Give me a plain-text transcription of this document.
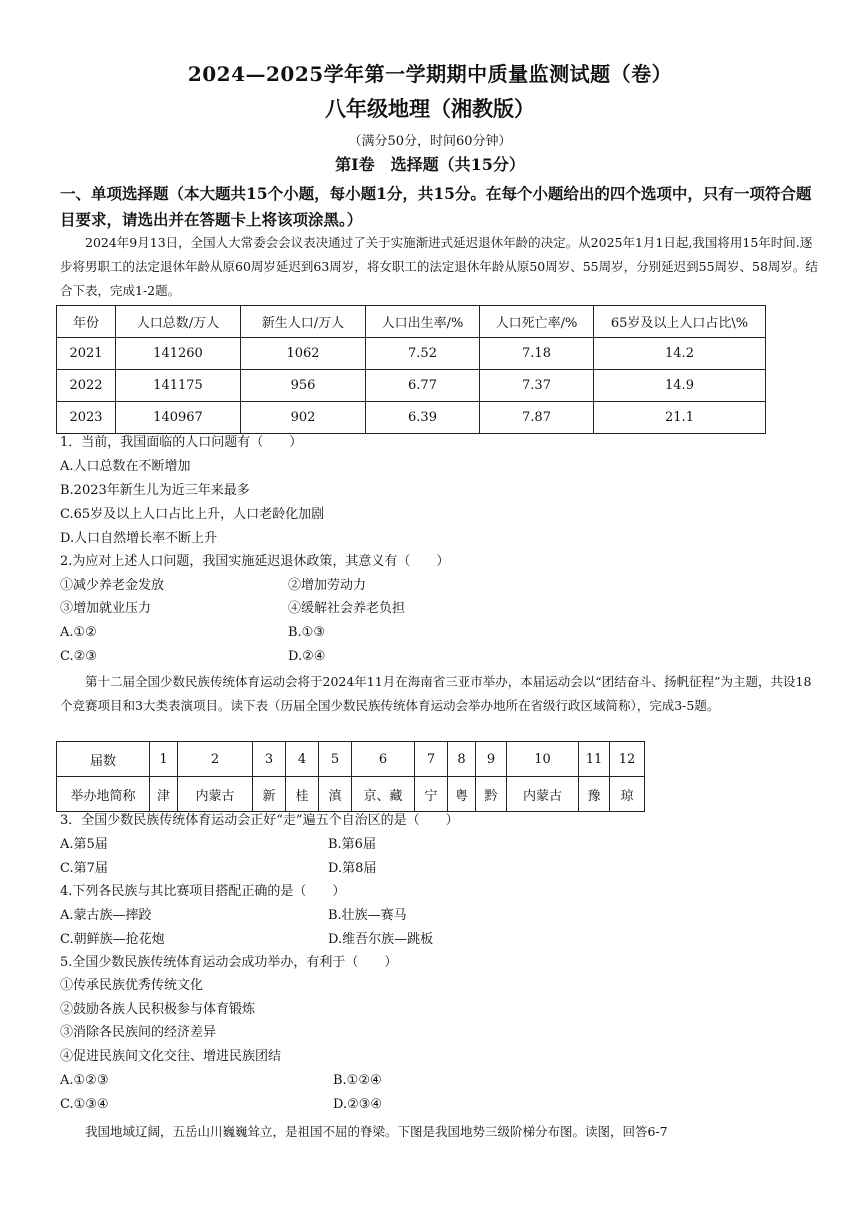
2024—2025学年第一学期期中质量监测试题（卷）
八年级地理（湘教版）
（满分50分，时间60分钟）
第Ⅰ卷　选择题（共15分）
一、单项选择题（本大题共15个小题，每小题1分，共15分。在每个小题给出的四个选项中，只有一项符合题目要求，请选出并在答题卡上将该项涂黑。）
2024年9月13日，全国人大常委会会议表决通过了关于实施渐进式延迟退休年龄的决定。从2025年1月1日起,我国将用15年时间.逐步将男职工的法定退休年龄从原60周岁延迟到63周岁，将女职工的法定退休年龄从原50周岁、55周岁，分别延迟到55周岁、58周岁。结合下表，完成1-2题。
年份	人口总数/万人	新生人口/万人	人口出生率/%	人口死亡率/%	65岁及以上人口占比\%
2021	141260	1062	7.52	7.18	14.2
2022	141175	956	6.77	7.37	14.9
2023	140967	902	6.39	7.87	21.1
1．当前，我国面临的人口问题有（　　）
A.人口总数在不断增加
B.2023年新生儿为近三年来最多
C.65岁及以上人口占比上升，人口老龄化加剧
D.人口自然增长率不断上升
2.为应对上述人口问题，我国实施延迟退休政策，其意义有（　　）
①减少养老金发放	②增加劳动力
③增加就业压力	④缓解社会养老负担
A.①②	B.①③
C.②③	D.②④
第十二届全国少数民族传统体育运动会将于2024年11月在海南省三亚市举办，本届运动会以“团结奋斗、扬帆征程”为主题，共设18个竞赛项目和3大类表演项目。读下表（历届全国少数民族传统体育运动会举办地所在省级行政区域简称），完成3-5题。
届数	1	2	3	4	5	6	7	8	9	10	11	12
举办地简称	津	内蒙古	新	桂	滇	京、藏	宁	粤	黔	内蒙古	豫	琼
3．全国少数民族传统体育运动会正好“走”遍五个自治区的是（　　）
A.第5届	B.第6届
C.第7届	D.第8届
4.下列各民族与其比赛项目搭配正确的是（　　）
A.蒙古族—摔跤	B.壮族—赛马
C.朝鲜族—抢花炮	D.维吾尔族—跳板
5.全国少数民族传统体育运动会成功举办，有利于（　　）
①传承民族优秀传统文化
②鼓励各族人民积极参与体育锻炼
③消除各民族间的经济差异
④促进民族间文化交往、增进民族团结
A.①②③	B.①②④
C.①③④	D.②③④
我国地域辽阔，五岳山川巍巍耸立，是祖国不屈的脊梁。下图是我国地势三级阶梯分布图。读图，回答6-7
